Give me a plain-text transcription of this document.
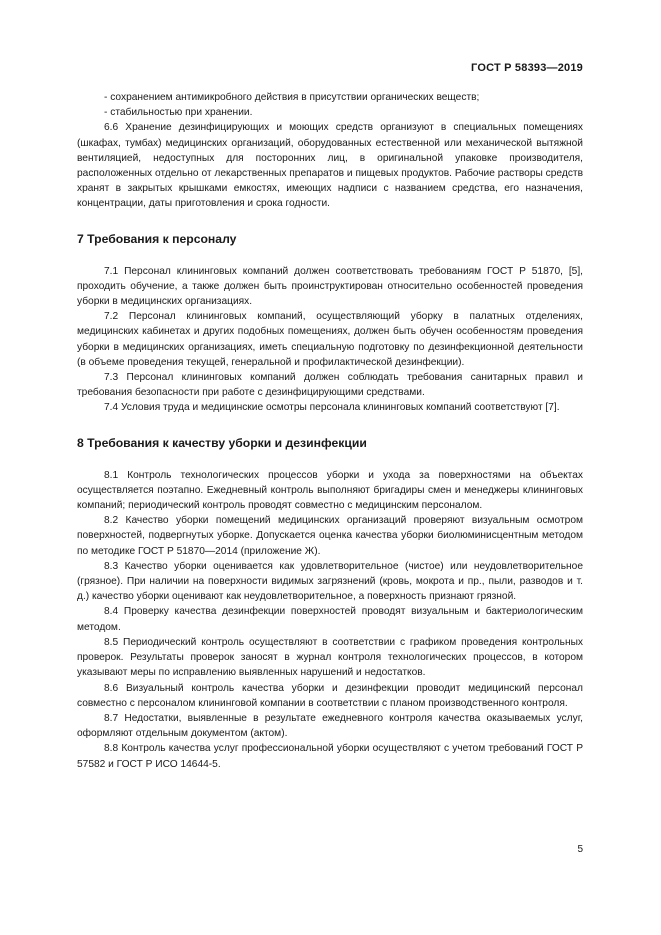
ГОСТ Р 58393—2019

- сохранением антимикробного действия в присутствии органических веществ;

- стабильностью при хранении.

6.6 Хранение дезинфицирующих и моющих средств организуют в специальных помещениях (шкафах, тумбах) медицинских организаций, оборудованных естественной или механической вытяжной вентиляцией, недоступных для посторонних лиц, в оригинальной упаковке производителя, расположенных отдельно от лекарственных препаратов и пищевых продуктов. Рабочие растворы средств хранят в закрытых крышками емкостях, имеющих надписи с названием средства, его назначения, концентрации, даты приготовления и срока годности.

7 Требования к персоналу

7.1 Персонал клининговых компаний должен соответствовать требованиям ГОСТ Р 51870, [5], проходить обучение, а также должен быть проинструктирован относительно особенностей проведения уборки в медицинских организациях.

7.2 Персонал клининговых компаний, осуществляющий уборку в палатных отделениях, медицинских кабинетах и других подобных помещениях, должен быть обучен особенностям проведения уборки в медицинских организациях, иметь специальную подготовку по дезинфекционной деятельности (в объеме проведения текущей, генеральной и профилактической дезинфекции).

7.3 Персонал клининговых компаний должен соблюдать требования санитарных правил и требования безопасности при работе с дезинфицирующими средствами.

7.4 Условия труда и медицинские осмотры персонала клининговых компаний соответствуют [7].

8 Требования к качеству уборки и дезинфекции

8.1 Контроль технологических процессов уборки и ухода за поверхностями на объектах осуществляется поэтапно. Ежедневный контроль выполняют бригадиры смен и менеджеры клининговых компаний; периодический контроль проводят совместно с медицинским персоналом.

8.2 Качество уборки помещений медицинских организаций проверяют визуальным осмотром поверхностей, подвергнутых уборке. Допускается оценка качества уборки биолюминисцентным методом по методике ГОСТ Р 51870—2014 (приложение Ж).

8.3 Качество уборки оценивается как удовлетворительное (чистое) или неудовлетворительное (грязное). При наличии на поверхности видимых загрязнений (кровь, мокрота и пр., пыли, разводов и т. д.) качество уборки оценивают как неудовлетворительное, а поверхность признают грязной.

8.4 Проверку качества дезинфекции поверхностей проводят визуальным и бактериологическим методом.

8.5 Периодический контроль осуществляют в соответствии с графиком проведения контрольных проверок. Результаты проверок заносят в журнал контроля технологических процессов, в котором указывают меры по исправлению выявленных нарушений и недостатков.

8.6 Визуальный контроль качества уборки и дезинфекции проводит медицинский персонал совместно с персоналом клининговой компании в соответствии с планом производственного контроля.

8.7 Недостатки, выявленные в результате ежедневного контроля качества оказываемых услуг, оформляют отдельным документом (актом).

8.8 Контроль качества услуг профессиональной уборки осуществляют с учетом требований ГОСТ Р 57582 и ГОСТ Р ИСО 14644-5.

5
